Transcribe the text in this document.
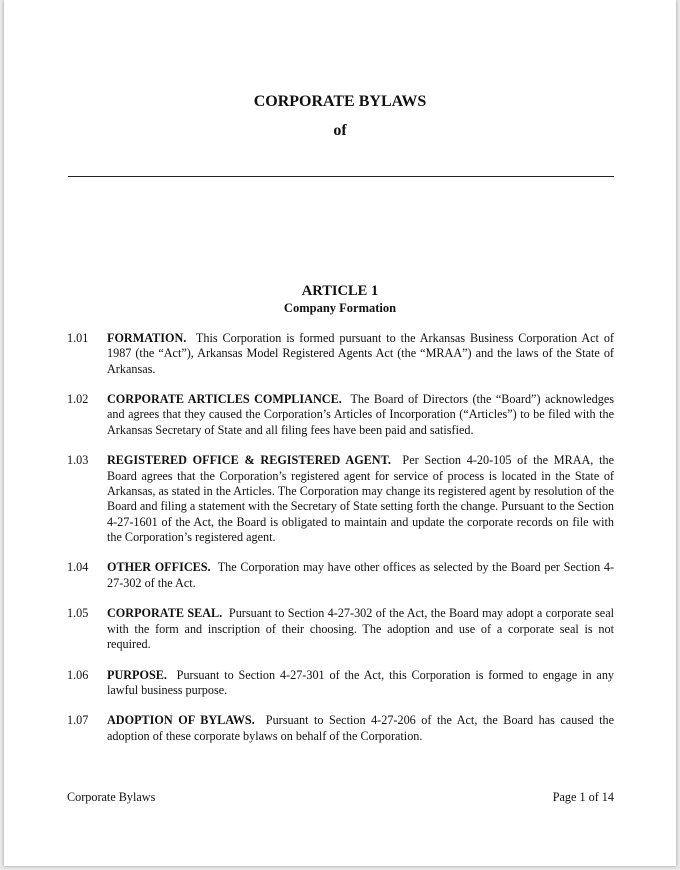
CORPORATE BYLAWS
of
ARTICLE 1
Company Formation
1.01	FORMATION. This Corporation is formed pursuant to the Arkansas Business Corporation Act of 1987 (the “Act”), Arkansas Model Registered Agents Act (the “MRAA”) and the laws of the State of Arkansas.
1.02	CORPORATE ARTICLES COMPLIANCE. The Board of Directors (the “Board”) acknowledges and agrees that they caused the Corporation’s Articles of Incorporation (“Articles”) to be filed with the Arkansas Secretary of State and all filing fees have been paid and satisfied.
1.03	REGISTERED OFFICE & REGISTERED AGENT. Per Section 4-20-105 of the MRAA, the Board agrees that the Corporation’s registered agent for service of process is located in the State of Arkansas, as stated in the Articles. The Corporation may change its registered agent by resolution of the Board and filing a statement with the Secretary of State setting forth the change. Pursuant to the Section 4-27-1601 of the Act, the Board is obligated to maintain and update the corporate records on file with the Corporation’s registered agent.
1.04	OTHER OFFICES. The Corporation may have other offices as selected by the Board per Section 4-27-302 of the Act.
1.05	CORPORATE SEAL. Pursuant to Section 4-27-302 of the Act, the Board may adopt a corporate seal with the form and inscription of their choosing. The adoption and use of a corporate seal is not required.
1.06	PURPOSE. Pursuant to Section 4-27-301 of the Act, this Corporation is formed to engage in any lawful business purpose.
1.07	ADOPTION OF BYLAWS. Pursuant to Section 4-27-206 of the Act, the Board has caused the adoption of these corporate bylaws on behalf of the Corporation.
Corporate Bylaws	Page 1 of 14
